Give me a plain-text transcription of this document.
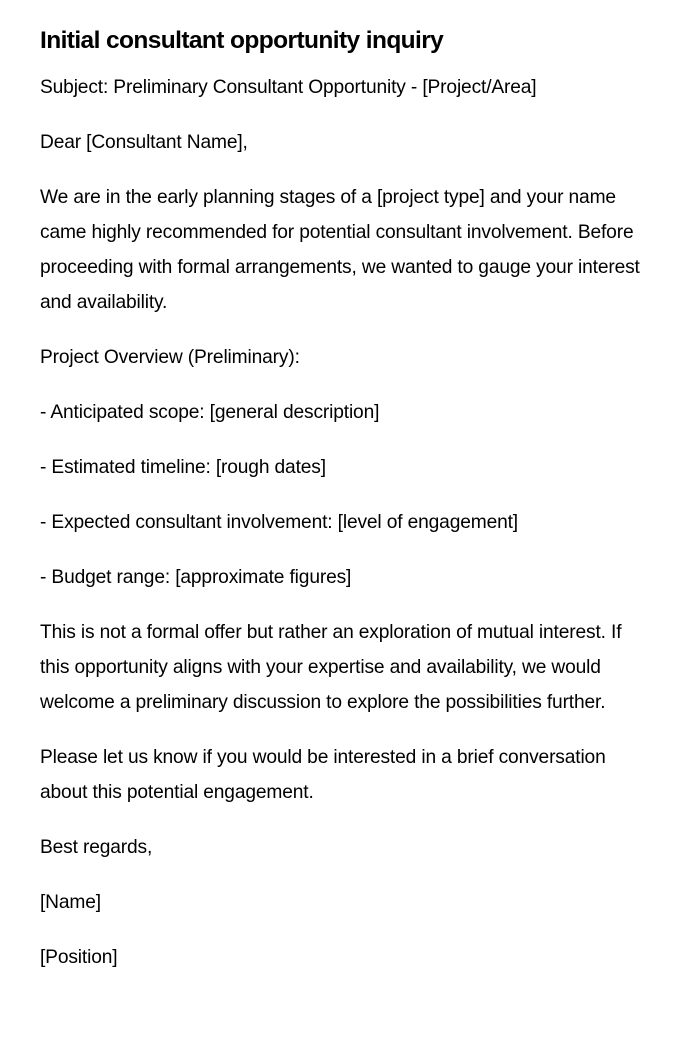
Initial consultant opportunity inquiry

Subject: Preliminary Consultant Opportunity - [Project/Area]

Dear [Consultant Name],

We are in the early planning stages of a [project type] and your name came highly recommended for potential consultant involvement. Before proceeding with formal arrangements, we wanted to gauge your interest and availability.

Project Overview (Preliminary):

- Anticipated scope: [general description]

- Estimated timeline: [rough dates]

- Expected consultant involvement: [level of engagement]

- Budget range: [approximate figures]

This is not a formal offer but rather an exploration of mutual interest. If this opportunity aligns with your expertise and availability, we would welcome a preliminary discussion to explore the possibilities further.

Please let us know if you would be interested in a brief conversation about this potential engagement.

Best regards,

[Name]

[Position]
